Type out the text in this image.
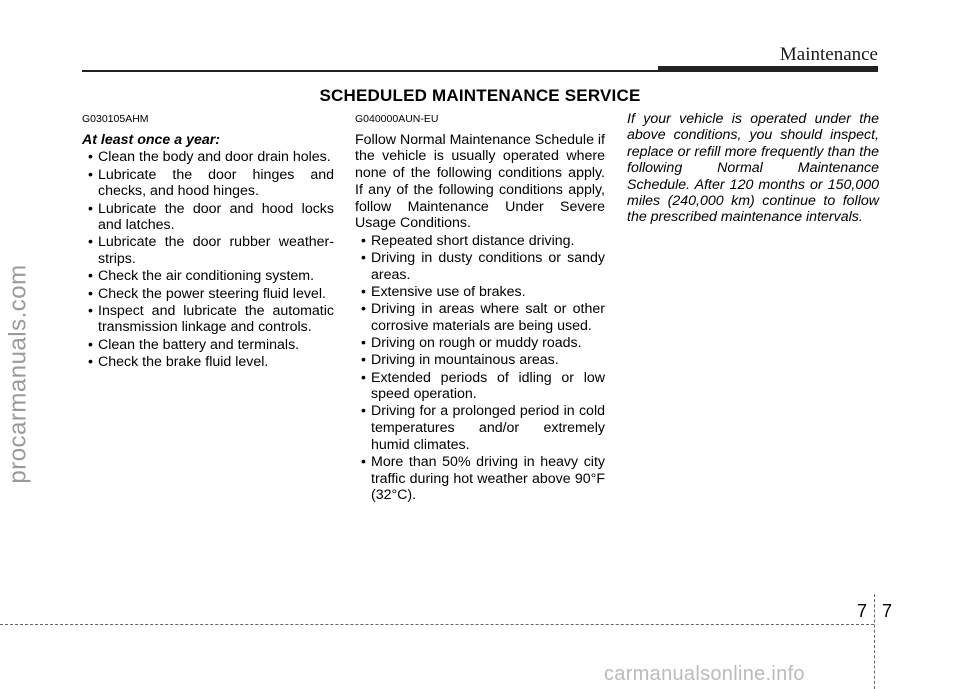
Maintenance
SCHEDULED MAINTENANCE SERVICE
G030105AHM
At least once a year:
• Clean the body and door drain holes.
• Lubricate the door hinges and checks, and hood hinges.
• Lubricate the door and hood locks and latches.
• Lubricate the door rubber weather-strips.
• Check the air conditioning system.
• Check the power steering fluid level.
• Inspect and lubricate the automatic transmission linkage and controls.
• Clean the battery and terminals.
• Check the brake fluid level.
G040000AUN-EU
Follow Normal Maintenance Schedule if the vehicle is usually operated where none of the following conditions apply. If any of the following conditions apply, follow Maintenance Under Severe Usage Conditions.
• Repeated short distance driving.
• Driving in dusty conditions or sandy areas.
• Extensive use of brakes.
• Driving in areas where salt or other corrosive materials are being used.
• Driving on rough or muddy roads.
• Driving in mountainous areas.
• Extended periods of idling or low speed operation.
• Driving for a prolonged period in cold temperatures and/or extremely humid climates.
• More than 50% driving in heavy city traffic during hot weather above 90°F (32°C).
If your vehicle is operated under the above conditions, you should inspect, replace or refill more frequently than the following Normal Maintenance Schedule. After 120 months or 150,000 miles (240,000 km) continue to follow the prescribed maintenance intervals.
7 7
procarmanuals.com
carmanualsonline.info
